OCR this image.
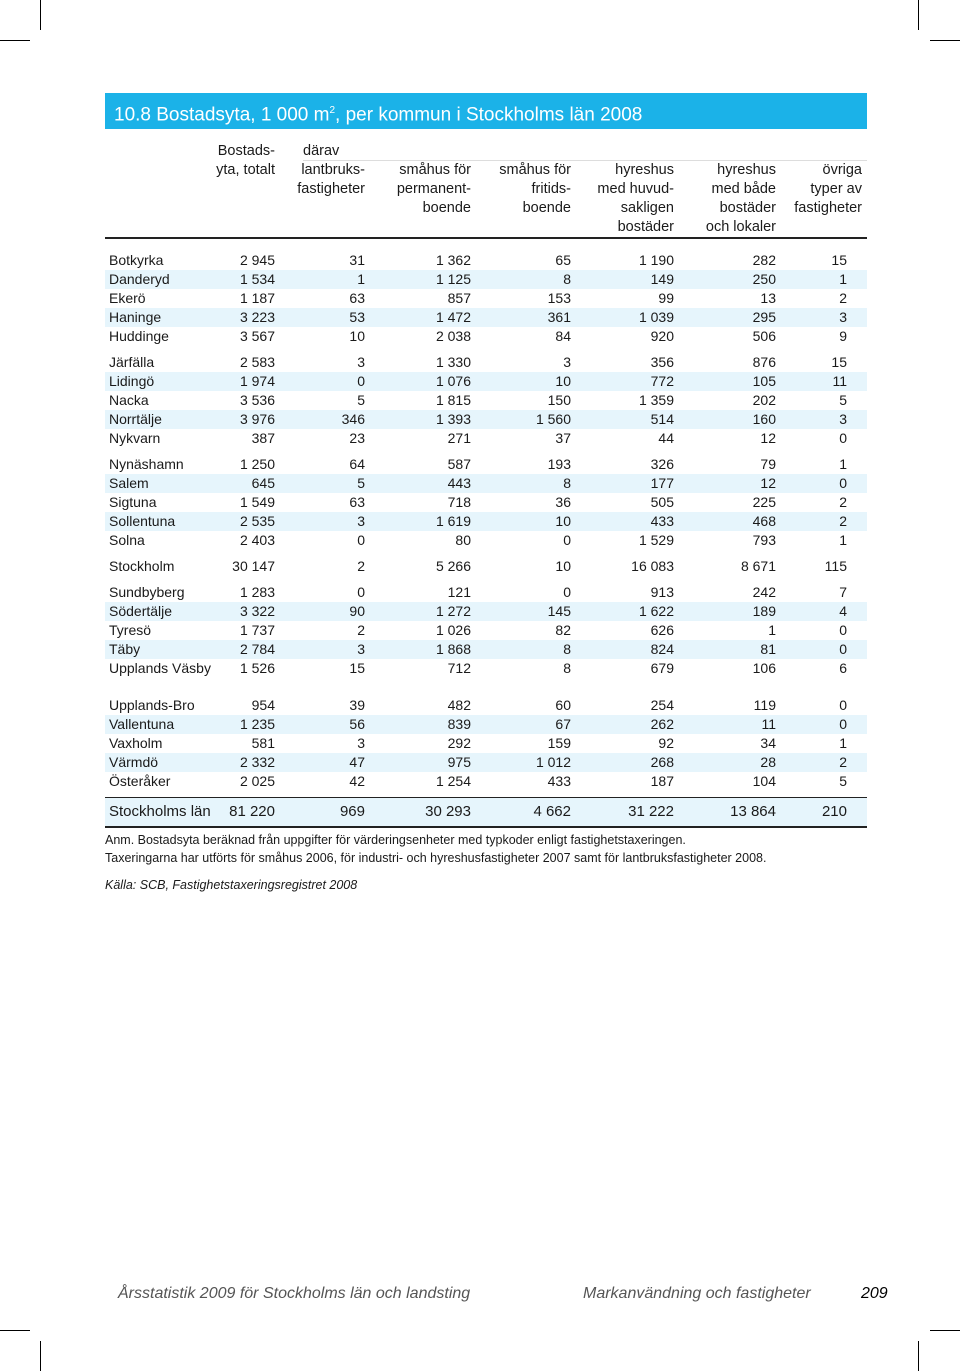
10.8 Bostadsyta, 1 000 $m^2$, per kommun i Stockholms län 2008
Bostads-
yta, totalt
därav
lantbruks-
fastigheter
småhus för
permanent-
boende
småhus för
fritids-
boende
hyreshus
med huvud-
sakligen
bostäder
hyreshus
med både
bostäder
och lokaler
övriga
typer av
fastigheter
Botkyrka	2 945	31	1 362	65	1 190	282	15
Danderyd	1 534	1	1 125	8	149	250	1
Ekerö	1 187	63	857	153	99	13	2
Haninge	3 223	53	1 472	361	1 039	295	3
Huddinge	3 567	10	2 038	84	920	506	9
Järfälla	2 583	3	1 330	3	356	876	15
Lidingö	1 974	0	1 076	10	772	105	11
Nacka	3 536	5	1 815	150	1 359	202	5
Norrtälje	3 976	346	1 393	1 560	514	160	3
Nykvarn	387	23	271	37	44	12	0
Nynäshamn	1 250	64	587	193	326	79	1
Salem	645	5	443	8	177	12	0
Sigtuna	1 549	63	718	36	505	225	2
Sollentuna	2 535	3	1 619	10	433	468	2
Solna	2 403	0	80	0	1 529	793	1
Stockholm	30 147	2	5 266	10	16 083	8 671	115
Sundbyberg	1 283	0	121	0	913	242	7
Södertälje	3 322	90	1 272	145	1 622	189	4
Tyresö	1 737	2	1 026	82	626	1	0
Täby	2 784	3	1 868	8	824	81	0
Upplands Väsby 1 526	15	712	8	679	106	6
Upplands-Bro	954	39	482	60	254	119	0
Vallentuna	1 235	56	839	67	262	11	0
Vaxholm	581	3	292	159	92	34	1
Värmdö	2 332	47	975	1 012	268	28	2
Österåker	2 025	42	1 254	433	187	104	5
Stockholms län 81 220	969	30 293	4 662	31 222	13 864	210
Anm. Bostadsyta beräknad från uppgifter för värderingsenheter med typkoder enligt fastighetstaxeringen.
Taxeringarna har utförts för småhus 2006, för industri- och hyreshusfastigheter 2007 samt för lantbruksfastigheter 2008.
Källa: SCB, Fastighetstaxeringsregistret 2008
Årsstatistik 2009 för Stockholms län och landsting	Markanvändning och fastigheter	209
